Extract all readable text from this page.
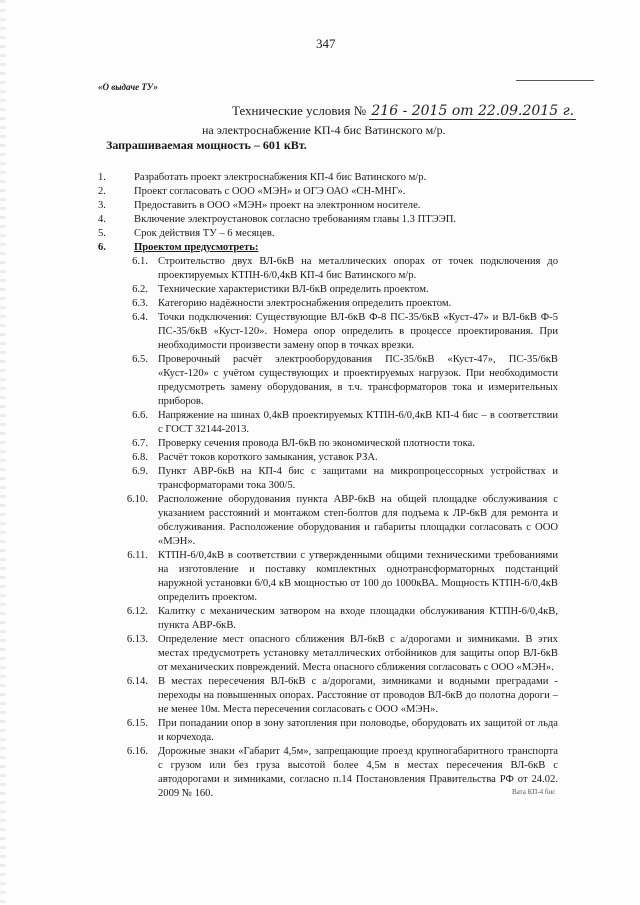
347
«О выдаче ТУ»
Технические условия № 216 - 2015 от 22.09.2015 г.
на электроснабжение КП-4 бис Ватинского м/р.
Запрашиваемая мощность – 601 кВт.
1.	Разработать проект электроснабжения КП-4 бис Ватинского м/р.
2.	Проект согласовать с ООО «МЭН» и ОГЭ ОАО «СН-МНГ».
3.	Предоставить в ООО «МЭН» проект на электронном носителе.
4.	Включение электроустановок согласно требованиям главы 1.3 ПТЭЭП.
5.	Срок действия ТУ – 6 месяцев.
6.	Проектом предусмотреть:
6.1. Строительство двух ВЛ-6кВ на металлических опорах от точек подключения до проектируемых КТПН-6/0,4кВ КП-4 бис Ватинского м/р.
6.2. Технические характеристики ВЛ-6кВ определить проектом.
6.3. Категорию надёжности электроснабжения определить проектом.
6.4. Точки подключения: Существующие ВЛ-6кВ Ф-8 ПС-35/6кВ «Куст-47» и ВЛ-6кВ Ф-5 ПС-35/6кВ «Куст-120». Номера опор определить в процессе проектирования. При необходимости произвести замену опор в точках врезки.
6.5. Проверочный расчёт электрооборудования ПС-35/6кВ «Куст-47», ПС-35/6кВ «Куст-120» с учётом существующих и проектируемых нагрузок. При необходимости предусмотреть замену оборудования, в т.ч. трансформаторов тока и измерительных приборов.
6.6. Напряжение на шинах 0,4кВ проектируемых КТПН-6/0,4кВ КП-4 бис – в соответствии с ГОСТ 32144-2013.
6.7. Проверку сечения провода ВЛ-6кВ по экономической плотности тока.
6.8. Расчёт токов короткого замыкания, уставок РЗА.
6.9. Пункт АВР-6кВ на КП-4 бис с защитами на микропроцессорных устройствах и трансформаторами тока 300/5.
6.10. Расположение оборудования пункта АВР-6кВ на общей площадке обслуживания с указанием расстояний и монтажом степ-болтов для подъема к ЛР-6кВ для ремонта и обслуживания. Расположение оборудования и габариты площадки согласовать с ООО «МЭН».
6.11. КТПН-6/0,4кВ в соответствии с утвержденными общими техническими требованиями на изготовление и поставку комплектных однотрансформаторных подстанций наружной установки 6/0,4 кВ мощностью от 100 до 1000кВА. Мощность КТПН-6/0,4кВ определить проектом.
6.12. Калитку с механическим затвором на входе площадки обслуживания КТПН-6/0,4кВ, пункта АВР-6кВ.
6.13. Определение мест опасного сближения ВЛ-6кВ с а/дорогами и зимниками. В этих местах предусмотреть установку металлических отбойников для защиты опор ВЛ-6кВ от механических повреждений. Места опасного сближения согласовать с ООО «МЭН».
6.14. В местах пересечения ВЛ-6кВ с а/дорогами, зимниками и водными преградами - переходы на повышенных опорах. Расстояние от проводов ВЛ-6кВ до полотна дороги – не менее 10м. Места пересечения согласовать с ООО «МЭН».
6.15. При попадании опор в зону затопления при половодье, оборудовать их защитой от льда и корчехода.
6.16. Дорожные знаки «Габарит 4,5м», запрещающие проезд крупногабаритного транспорта с грузом или без груза высотой более 4,5м в местах пересечения ВЛ-6кВ с автодорогами и зимниками, согласно п.14 Постановления Правительства РФ от 24.02. 2009 № 160.	Вата КП-4 бис
